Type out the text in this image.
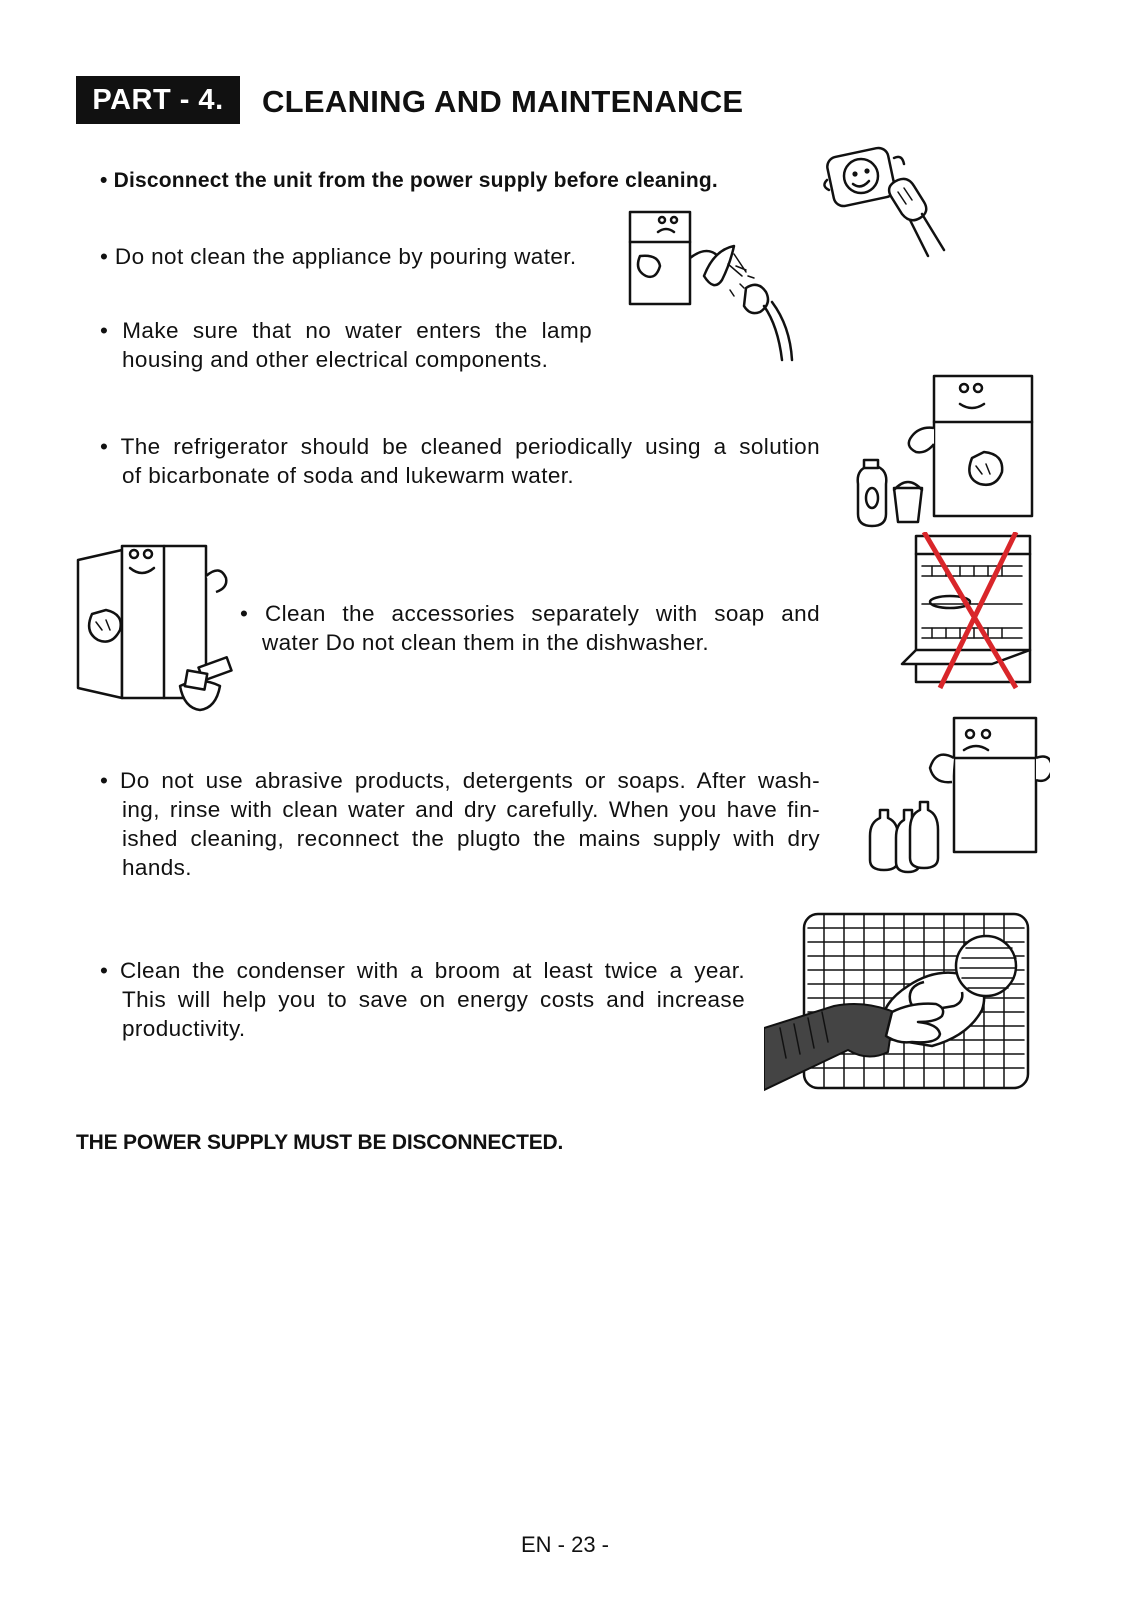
PART - 4.	CLEANING AND MAINTENANCE
• Disconnect the unit from the power supply before cleaning.
• Do not clean the appliance by pouring water.
• Make sure that no water enters the lamp
housing and other electrical components.
• The refrigerator should be cleaned periodically using a solution
of bicarbonate of soda and lukewarm water.
• Clean the accessories separately with soap and
water Do not clean them in the dishwasher.
• Do not use abrasive products, detergents or soaps. After wash-
ing, rinse with clean water and dry carefully. When you have fin-
ished cleaning, reconnect the plugto the mains supply with dry
hands.
• Clean the condenser with a broom at least twice a year.
This will help you to save on energy costs and increase
productivity.
THE POWER SUPPLY MUST BE DISCONNECTED.
EN - 23 -
